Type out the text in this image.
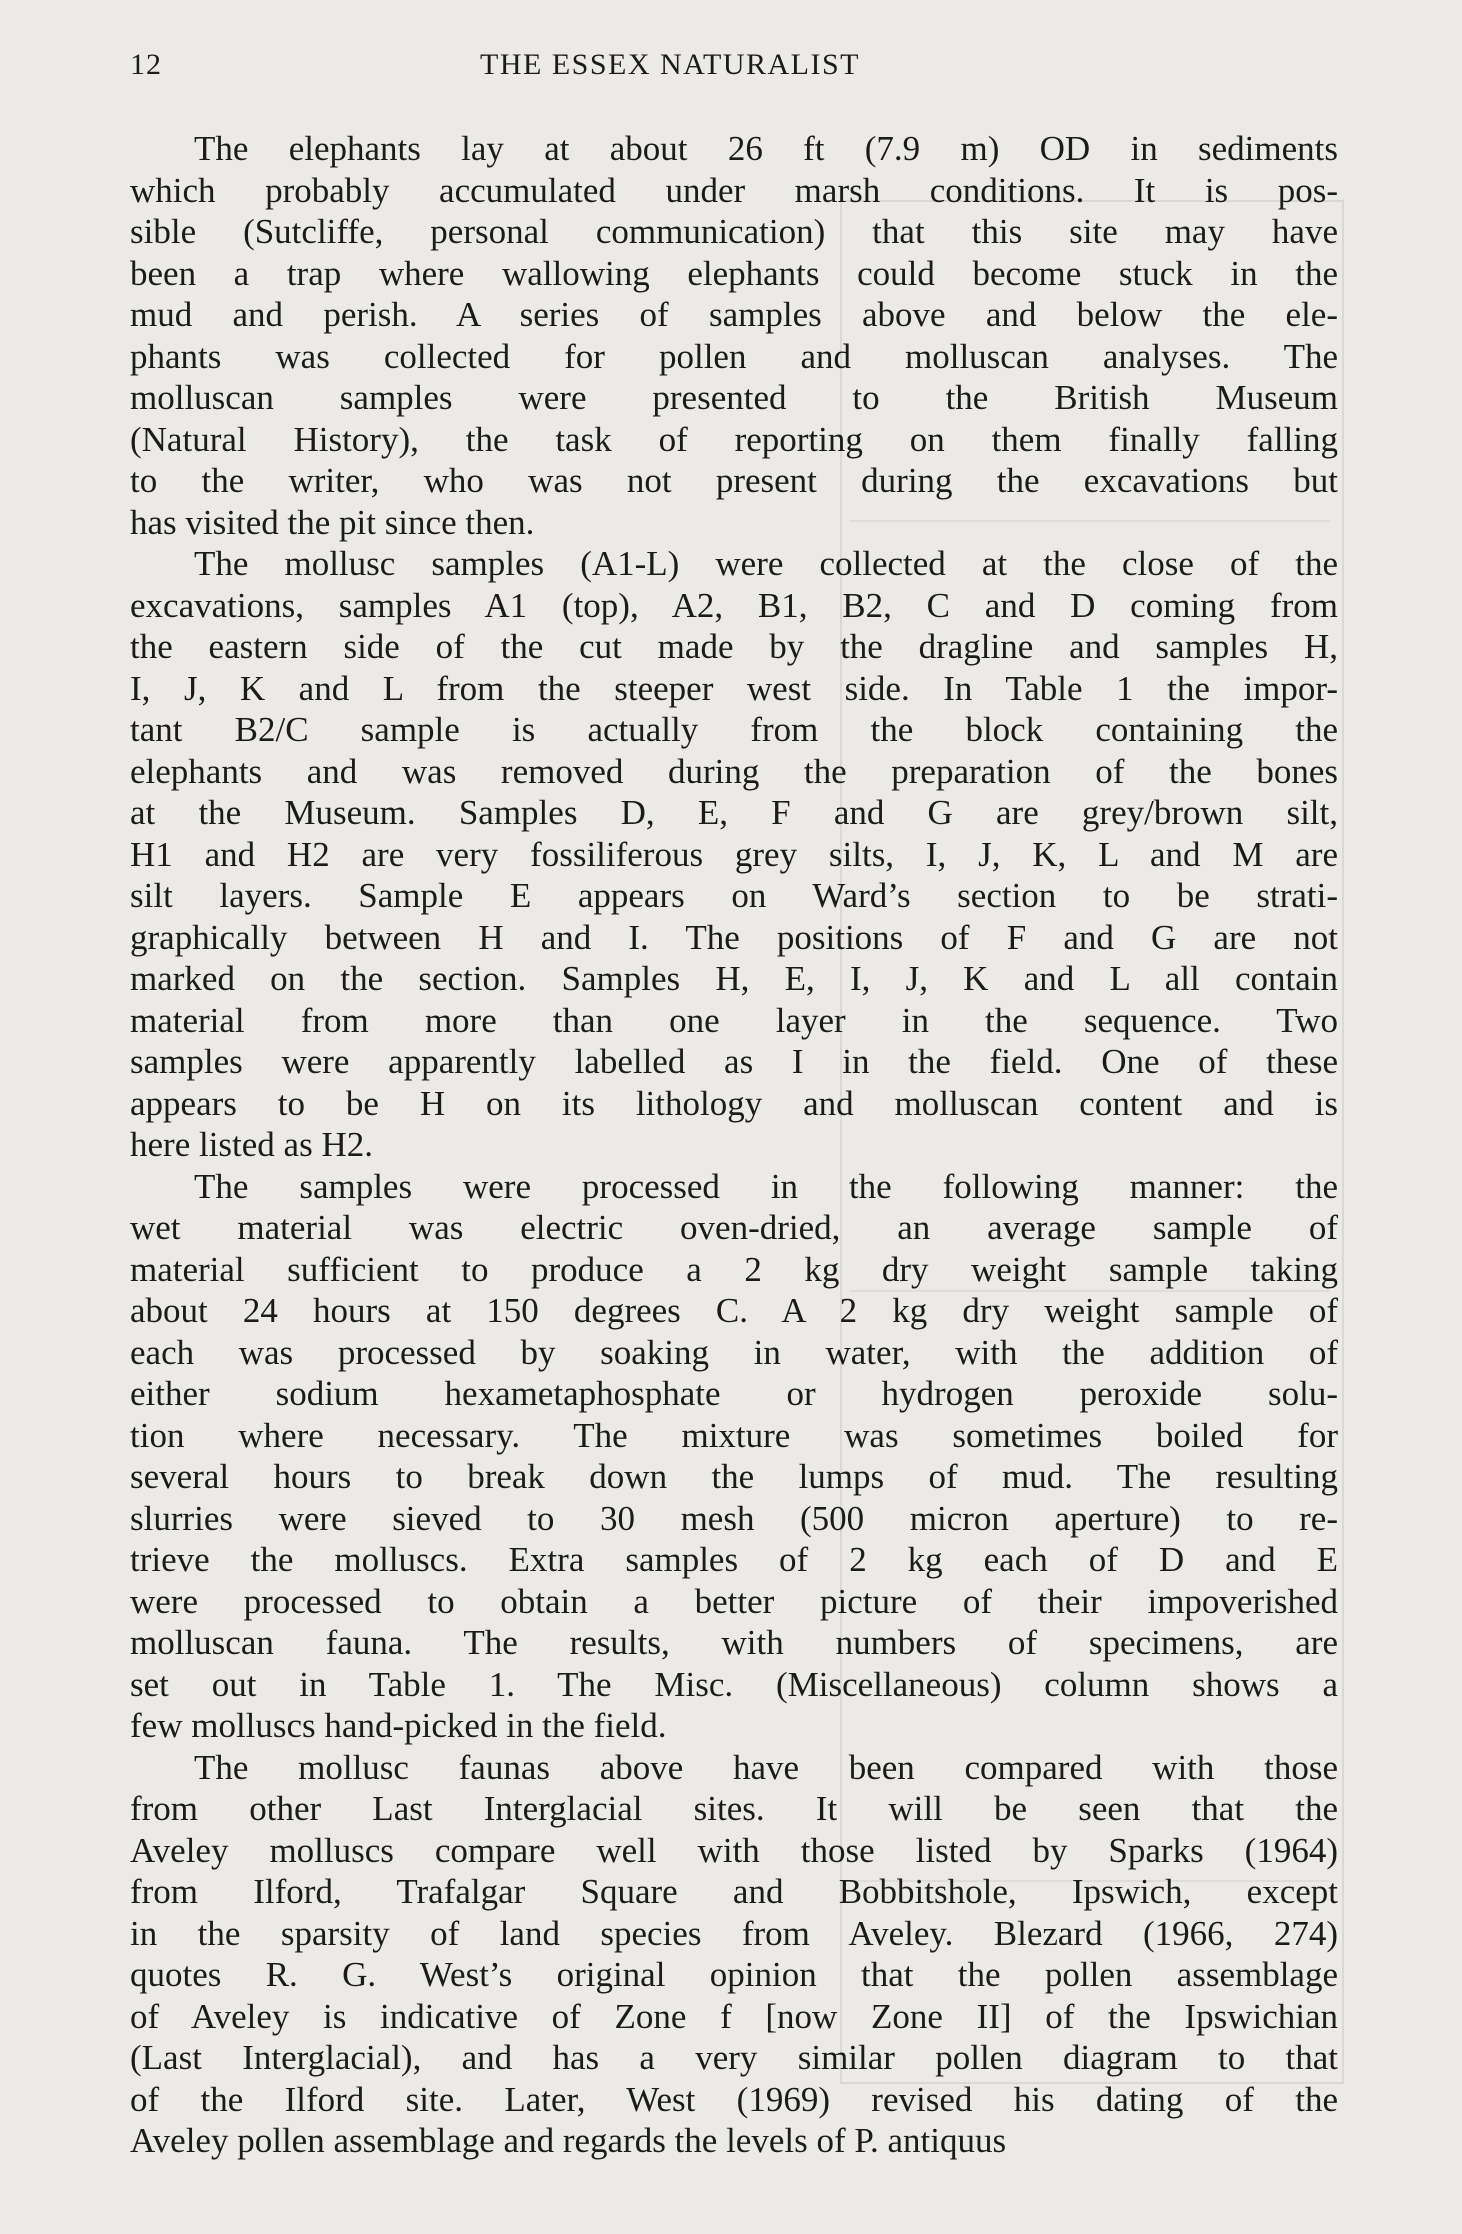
12	THE ESSEX NATURALIST
The elephants lay at about 26 ft (7.9 m) OD in sediments
which probably accumulated under marsh conditions. It is pos-
sible (Sutcliffe, personal communication) that this site may have
been a trap where wallowing elephants could become stuck in the
mud and perish. A series of samples above and below the ele-
phants was collected for pollen and molluscan analyses. The
molluscan samples were presented to the British Museum
(Natural History), the task of reporting on them finally falling
to the writer, who was not present during the excavations but
has visited the pit since then.
The mollusc samples (A1-L) were collected at the close of the
excavations, samples A1 (top), A2, B1, B2, C and D coming from
the eastern side of the cut made by the dragline and samples H,
I, J, K and L from the steeper west side. In Table 1 the impor-
tant B2/C sample is actually from the block containing the
elephants and was removed during the preparation of the bones
at the Museum. Samples D, E, F and G are grey/brown silt,
H1 and H2 are very fossiliferous grey silts, I, J, K, L and M are
silt layers. Sample E appears on Ward’s section to be strati-
graphically between H and I. The positions of F and G are not
marked on the section. Samples H, E, I, J, K and L all contain
material from more than one layer in the sequence. Two
samples were apparently labelled as I in the field. One of these
appears to be H on its lithology and molluscan content and is
here listed as H2.
The samples were processed in the following manner: the
wet material was electric oven-dried, an average sample of
material sufficient to produce a 2 kg dry weight sample taking
about 24 hours at 150 degrees C. A 2 kg dry weight sample of
each was processed by soaking in water, with the addition of
either sodium hexametaphosphate or hydrogen peroxide solu-
tion where necessary. The mixture was sometimes boiled for
several hours to break down the lumps of mud. The resulting
slurries were sieved to 30 mesh (500 micron aperture) to re-
trieve the molluscs. Extra samples of 2 kg each of D and E
were processed to obtain a better picture of their impoverished
molluscan fauna. The results, with numbers of specimens, are
set out in Table 1. The Misc. (Miscellaneous) column shows a
few molluscs hand-picked in the field.
The mollusc faunas above have been compared with those
from other Last Interglacial sites. It will be seen that the
Aveley molluscs compare well with those listed by Sparks (1964)
from Ilford, Trafalgar Square and Bobbitshole, Ipswich, except
in the sparsity of land species from Aveley. Blezard (1966, 274)
quotes R. G. West’s original opinion that the pollen assemblage
of Aveley is indicative of Zone f [now Zone II] of the Ipswichian
(Last Interglacial), and has a very similar pollen diagram to that
of the Ilford site. Later, West (1969) revised his dating of the
Aveley pollen assemblage and regards the levels of P. antiquus
